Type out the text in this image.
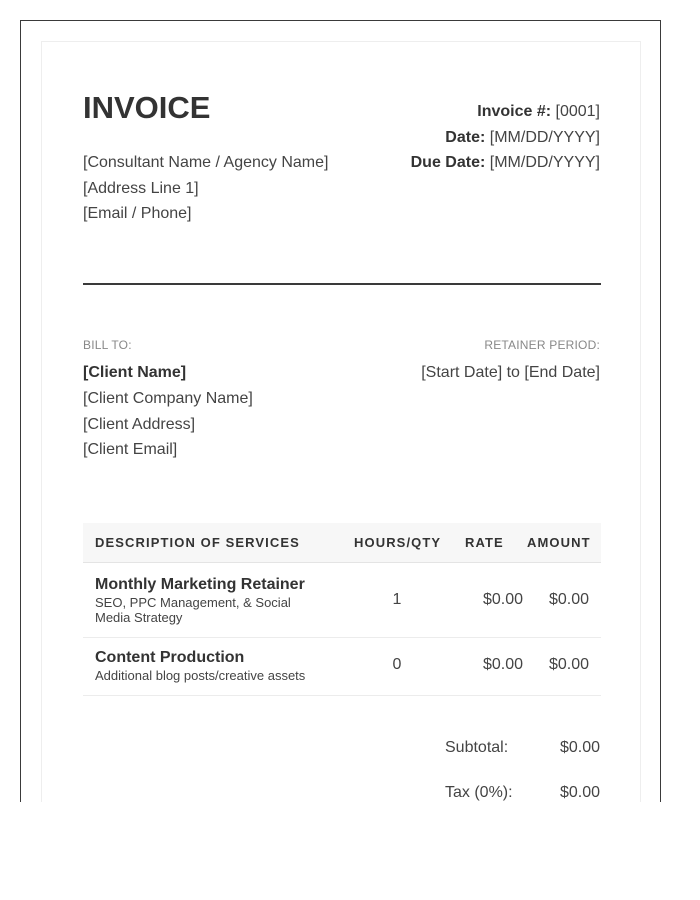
INVOICE
[Consultant Name / Agency Name]
[Address Line 1]
[Email / Phone]
Invoice #: [0001]
Date: [MM/DD/YYYY]
Due Date: [MM/DD/YYYY]
BILL TO:	RETAINER PERIOD:
[Client Name]
[Client Company Name]
[Client Address]
[Client Email]
[Start Date] to [End Date]
DESCRIPTION OF SERVICES	HOURS/QTY RATE AMOUNT
Monthly Marketing Retainer
SEO, PPC Management, & Social
Media Strategy
1	$0.00	$0.00
Content Production
Additional blog posts/creative assets
0	$0.00	$0.00
Subtotal:	$0.00
Tax (0%):	$0.00
